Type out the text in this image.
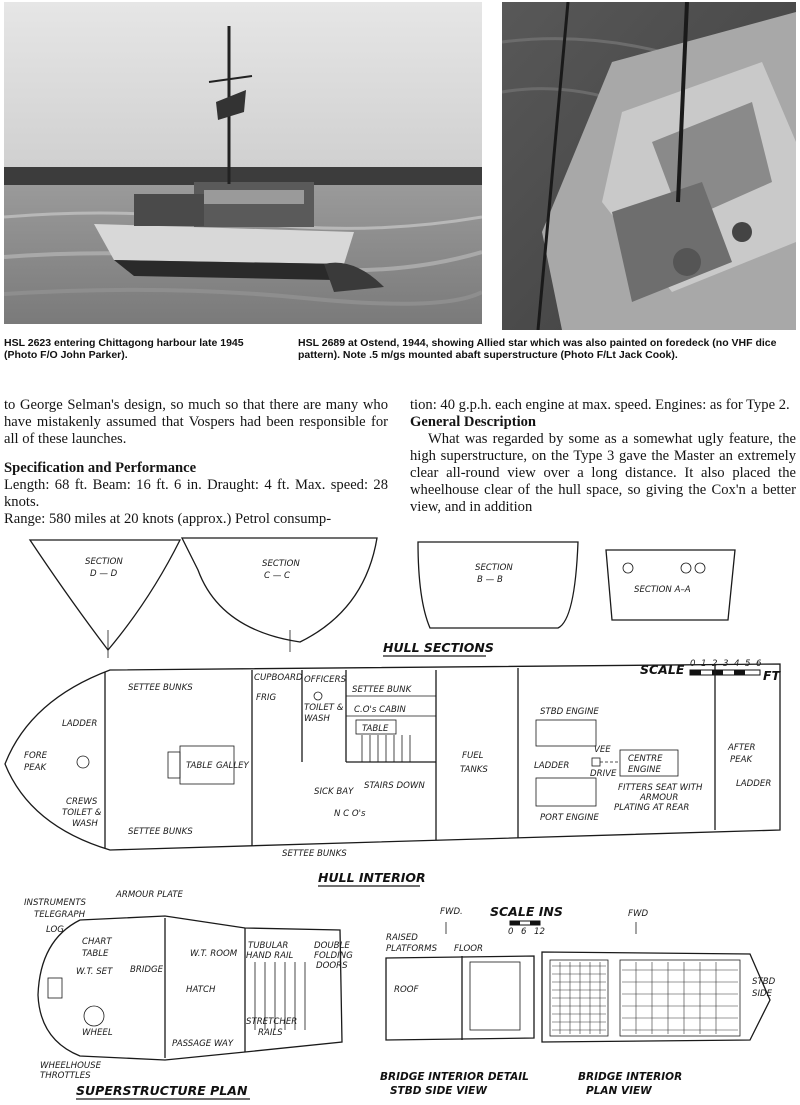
HSL 2623 entering Chittagong harbour late 1945 (Photo F/O John Parker).
HSL 2689 at Ostend, 1944, showing Allied star which was also painted on foredeck (no VHF dice pattern). Note .5 m/gs mounted abaft superstructure (Photo F/Lt Jack Cook).

to George Selman's design, so much so that there are many who have mistakenly assumed that Vospers had been responsible for all of these launches.

Specification and Performance

Length: 68 ft. Beam: 16 ft. 6 in. Draught: 4 ft. Max. speed: 28 knots.

Range: 580 miles at 20 knots (approx.) Petrol consump-

tion: 40 g.p.h. each engine at max. speed. Engines: as for Type 2.

General Description

What was regarded by some as a somewhat ugly feature, the high superstructure, on the Type 3 gave the Master an extremely clear all-round view over a long distance. It also placed the wheelhouse clear of the hull space, so giving the Cox'n a better view, and in addition

SECTION
D — D
SECTION
C — C
SECTION
B — B
SECTION A–A
HULL SECTIONS
SCALE 0 1 2 3 4 5 6
FT
SETTEE BUNKS
SETTEE BUNKS
SETTEE BUNKS
CUPBOARD
FRIG
OFFICERS
TOILET &
WASH
SETTEE BUNK
C.O's CABIN
TABLE
LADDER
FORE
PEAK
CREWS
TOILET &
WASH
TABLE GALLEY
STAIRS DOWN
SICK BAY
N C O's
FUEL
TANKS
STBD ENGINE
LADDER
VEE
DRIVE
CENTRE
ENGINE
FITTERS SEAT WITH
ARMOUR
PLATING AT REAR
PORT ENGINE
AFTER
PEAK
LADDER
HULL INTERIOR
INSTRUMENTS
TELEGRAPH
LOG
ARMOUR PLATE
CHART
TABLE
W.T. SET BRIDGE
W.T. ROOM
HATCH
TUBULAR
HAND RAIL
DOUBLE
FOLDING
DOORS
WHEEL
STRETCHER
RAILS
PASSAGE WAY
WHEELHOUSE
THROTTLES
SUPERSTRUCTURE PLAN
FWD. SCALE INS
0 6 12
RAISED
PLATFORMS FLOOR
ROOF
FWD
STBD
SIDE
BRIDGE INTERIOR DETAIL
STBD SIDE VIEW
BRIDGE INTERIOR
PLAN VIEW
